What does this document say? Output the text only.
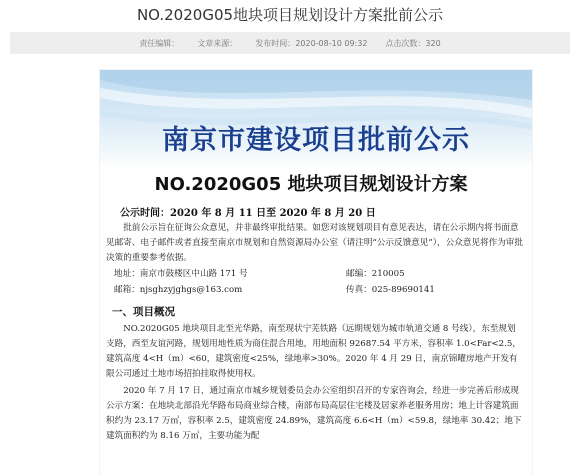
NO.2020G05地块项目规划设计方案批前公示
责任编辑： 文章来源： 发布时间：2020-08-10 09:32 点击次数：320
南京市建设项目批前公示
NO.2020G05 地块项目规划设计方案
公示时间：2020 年 8 月 11 日至 2020 年 8 月 20 日

批前公示旨在征询公众意见，并非最终审批结果。如您对该规划项目有意见表达，请在公示期内将书面意见邮寄、电子邮件或者直接至南京市规划和自然资源局办公室（请注明“公示反馈意见”），公众意见将作为审批决策的重要参考依据。

地址：南京市鼓楼区中山路 171 号	邮编：210005
邮箱：njsghzyjghgs@163.com	传真：025-89690141
一、项目概况

NO.2020G05 地块项目北至光华路，南至现状宁芜铁路（远期规划为城市轨道交通 8 号线），东至规划支路，西至友谊河路，规划用地性质为商住混合用地，用地面积 92687.54 平方米，容积率 1.0<Far<2.5，建筑高度 4<H（m）<60，建筑密度<25%，绿地率>30%。2020 年 4 月 29 日，南京锦曜房地产开发有限公司通过土地市场招拍挂取得使用权。

2020 年 7 月 17 日，通过南京市城乡规划委员会办公室组织召开的专家咨询会，经进一步完善后形成现公示方案：在地块北部沿光华路布局商业综合楼，南部布局高层住宅楼及居家养老服务用房；地上计容建筑面积约为 23.17 万㎡，容积率 2.5，建筑密度 24.89%，建筑高度 6.6<H（m）<59.8，绿地率 30.42；地下建筑面积约为 8.16 万㎡，主要功能为配
